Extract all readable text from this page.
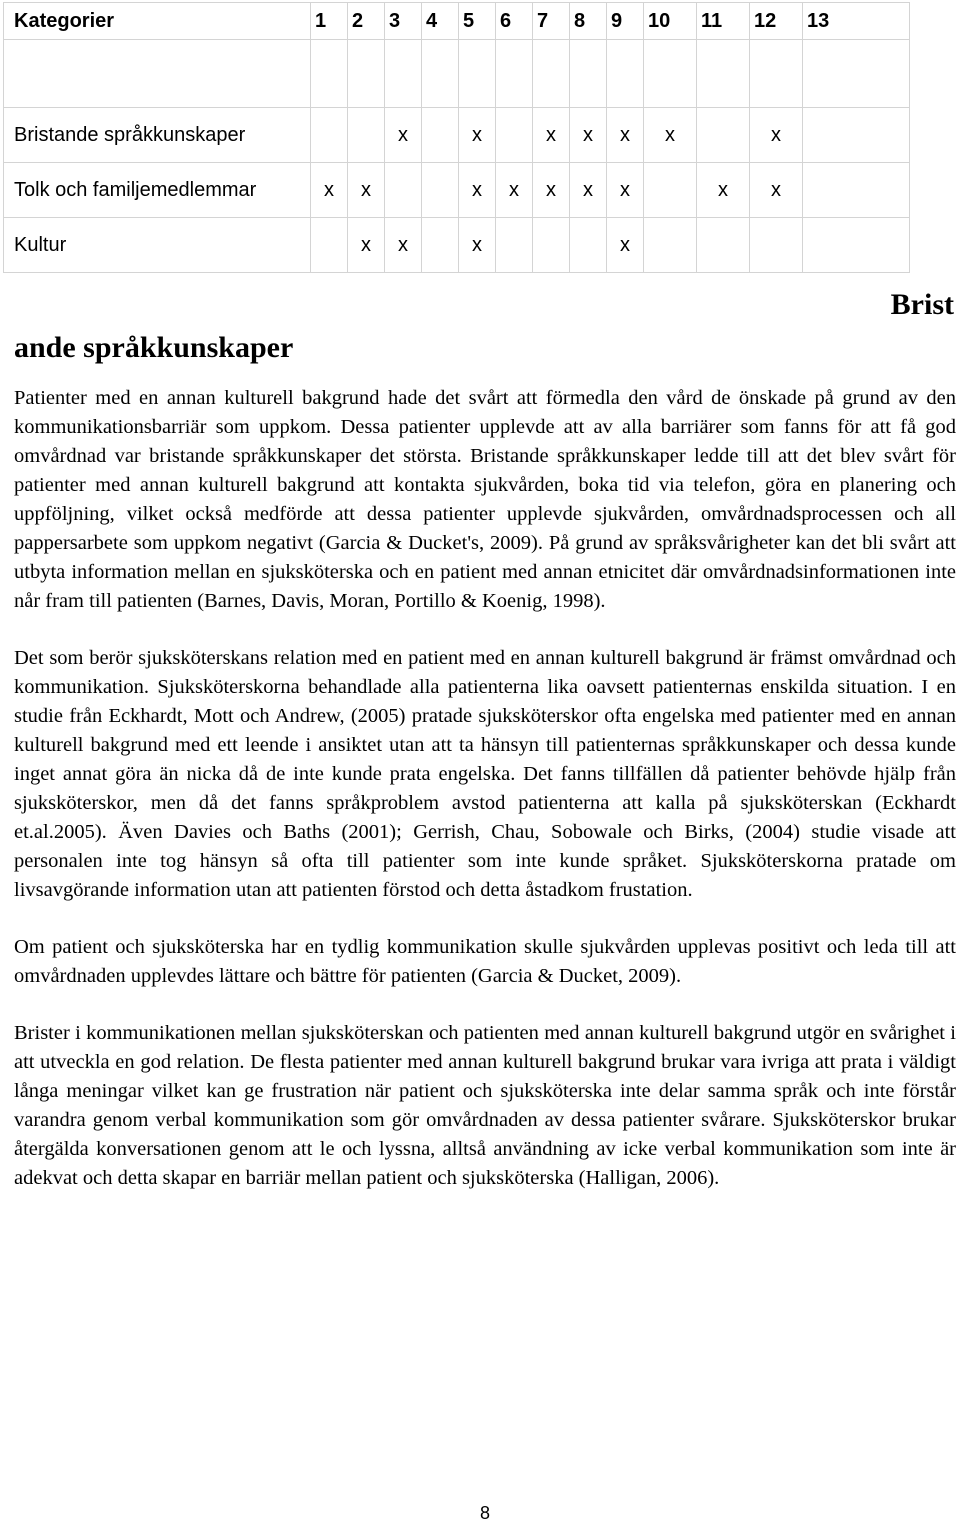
Kategorier	1	2	3	4	5	6	7	8	9	10	11	12	13

Bristande språkkunskaper			x		x		x	x	x	x		x	
Tolk och familjemedlemmar	x	x			x	x	x	x	x		x	x	
Kultur		x	x		x				x				
Brist
ande språkkunskaper

Patienter med en annan kulturell bakgrund hade det svårt att förmedla den vård de önskade på grund av den kommunikationsbarriär som uppkom. Dessa patienter upplevde att av alla barriärer som fanns för att få god omvårdnad var bristande språkkunskaper det största. Bristande språkkunskaper ledde till att det blev svårt för patienter med annan kulturell bakgrund att kontakta sjukvården, boka tid via telefon, göra en planering och uppföljning, vilket också medförde att dessa patienter upplevde sjukvården, omvårdnadsprocessen och all pappersarbete som uppkom negativt (Garcia & Ducket's, 2009). På grund av språksvårigheter kan det bli svårt att utbyta information mellan en sjuksköterska och en patient med annan etnicitet där omvårdnadsinformationen inte når fram till patienten (Barnes, Davis, Moran, Portillo & Koenig, 1998).

Det som berör sjuksköterskans relation med en patient med en annan kulturell bakgrund är främst omvårdnad och kommunikation. Sjuksköterskorna behandlade alla patienterna lika oavsett patienternas enskilda situation. I en studie från Eckhardt, Mott och Andrew, (2005) pratade sjuksköterskor ofta engelska med patienter med en annan kulturell bakgrund med ett leende i ansiktet utan att ta hänsyn till patienternas språkkunskaper och dessa kunde inget annat göra än nicka då de inte kunde prata engelska. Det fanns tillfällen då patienter behövde hjälp från sjuksköterskor, men då det fanns språkproblem avstod patienterna att kalla på sjuksköterskan (Eckhardt et.al.2005). Även Davies och Baths (2001); Gerrish, Chau, Sobowale och Birks, (2004) studie visade att personalen inte tog hänsyn så ofta till patienter som inte kunde språket. Sjuksköterskorna pratade om livsavgörande information utan att patienten förstod och detta åstadkom frustation.

Om patient och sjuksköterska har en tydlig kommunikation skulle sjukvården upplevas positivt och leda till att omvårdnaden upplevdes lättare och bättre för patienten (Garcia & Ducket, 2009).

Brister i kommunikationen mellan sjuksköterskan och patienten med annan kulturell bakgrund utgör en svårighet i att utveckla en god relation. De flesta patienter med annan kulturell bakgrund brukar vara ivriga att prata i väldigt långa meningar vilket kan ge frustration när patient och sjuksköterska inte delar samma språk och inte förstår varandra genom verbal kommunikation som gör omvårdnaden av dessa patienter svårare. Sjuksköterskor brukar återgälda konversationen genom att le och lyssna, alltså användning av icke verbal kommunikation som inte är adekvat och detta skapar en barriär mellan patient och sjuksköterska (Halligan, 2006).

8
